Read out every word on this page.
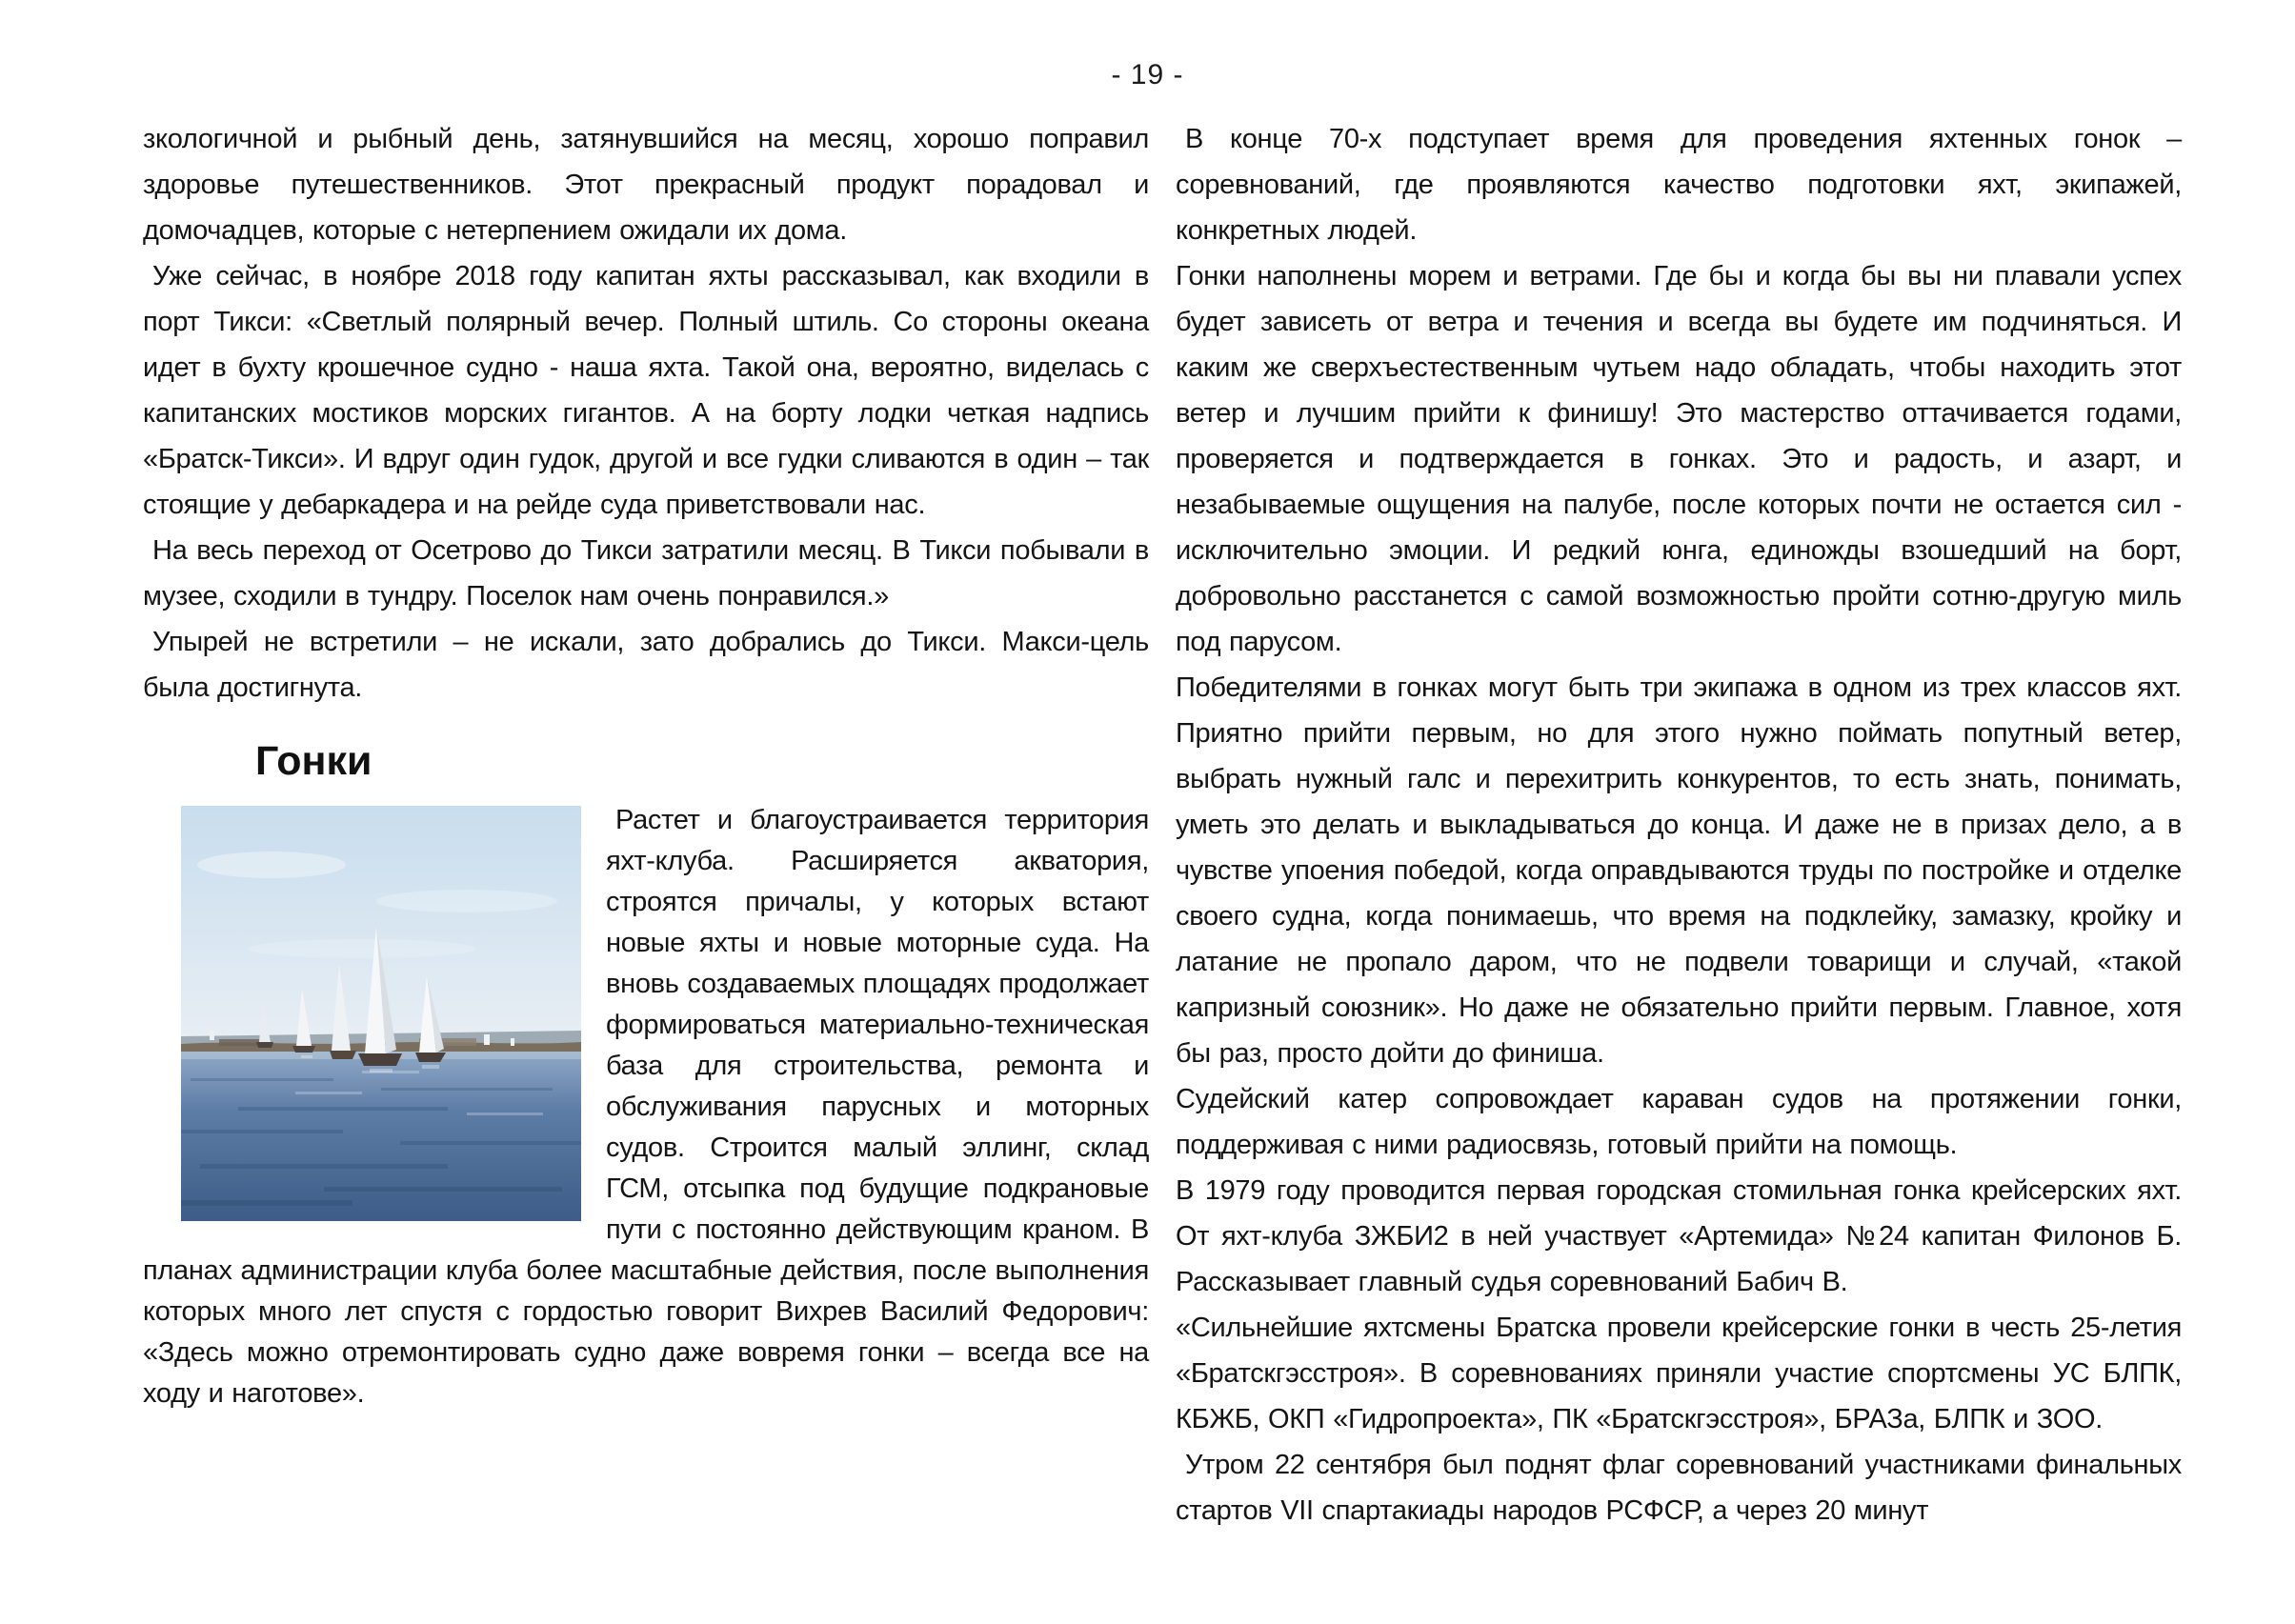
- 19 -

зкологичной и рыбный день, затянувшийся на месяц, хорошо поправил здоровье путешественников. Этот прекрасный продукт порадовал и домочадцев, которые с нетерпением ожидали их дома.

Уже сейчас, в ноябре 2018 году капитан яхты рассказывал, как входили в порт Тикси: «Светлый полярный вечер. Полный штиль. Со стороны океана идет в бухту крошечное судно - наша яхта. Такой она, вероятно, виделась с капитанских мостиков морских гигантов. А на борту лодки четкая надпись «Братск-Тикси». И вдруг один гудок, другой и все гудки сливаются в один – так стоящие у дебаркадера и на рейде суда приветствовали нас.

На весь переход от Осетрово до Тикси затратили месяц. В Тикси побывали в музее, сходили в тундру. Поселок нам очень понравился.»

Упырей не встретили – не искали, зато добрались до Тикси. Макси-цель была достигнута.

Гонки

Растет и благоустраивается территория яхт-клуба. Расширяется акватория, строятся причалы, у которых встают новые яхты и новые моторные суда. На вновь создаваемых площадях продолжает формироваться материально-техническая база для строительства, ремонта и обслуживания парусных и моторных судов. Строится малый эллинг, склад ГСМ, отсыпка под будущие подкрановые пути с постоянно действующим краном. В планах администрации клуба более масштабные действия, после выполнения которых много лет спустя с гордостью говорит Вихрев Василий Федорович: «Здесь можно отремонтировать судно даже вовремя гонки – всегда все на ходу и наготове».

В конце 70-х подступает время для проведения яхтенных гонок – соревнований, где проявляются качество подготовки яхт, экипажей, конкретных людей.

Гонки наполнены морем и ветрами. Где бы и когда бы вы ни плавали успех будет зависеть от ветра и течения и всегда вы будете им подчиняться. И каким же сверхъестественным чутьем надо обладать, чтобы находить этот ветер и лучшим прийти к финишу! Это мастерство оттачивается годами, проверяется и подтверждается в гонках. Это и радость, и азарт, и незабываемые ощущения на палубе, после которых почти не остается сил - исключительно эмоции. И редкий юнга, единожды взошедший на борт, добровольно расстанется с самой возможностью пройти сотню-другую миль под парусом.

Победителями в гонках могут быть три экипажа в одном из трех классов яхт. Приятно прийти первым, но для этого нужно поймать попутный ветер, выбрать нужный галс и перехитрить конкурентов, то есть знать, понимать, уметь это делать и выкладываться до конца. И даже не в призах дело, а в чувстве упоения победой, когда оправдываются труды по постройке и отделке своего судна, когда понимаешь, что время на подклейку, замазку, кройку и латание не пропало даром, что не подвели товарищи и случай, «такой капризный союзник». Но даже не обязательно прийти первым. Главное, хотя бы раз, просто дойти до финиша.

Судейский катер сопровождает караван судов на протяжении гонки, поддерживая с ними радиосвязь, готовый прийти на помощь.

В 1979 году проводится первая городская стомильная гонка крейсерских яхт. От яхт-клуба ЗЖБИ2 в ней участвует «Артемида» №24 капитан Филонов Б. Рассказывает главный судья соревнований Бабич В.

«Сильнейшие яхтсмены Братска провели крейсерские гонки в честь 25-летия «Братскгэсстроя». В соревнованиях приняли участие спортсмены УС БЛПК, КБЖБ, ОКП «Гидропроекта», ПК «Братскгэсстроя», БРАЗа, БЛПК и ЗОО.

Утром 22 сентября был поднят флаг соревнований участниками финальных стартов VII спартакиады народов РСФСР, а через 20 минут
